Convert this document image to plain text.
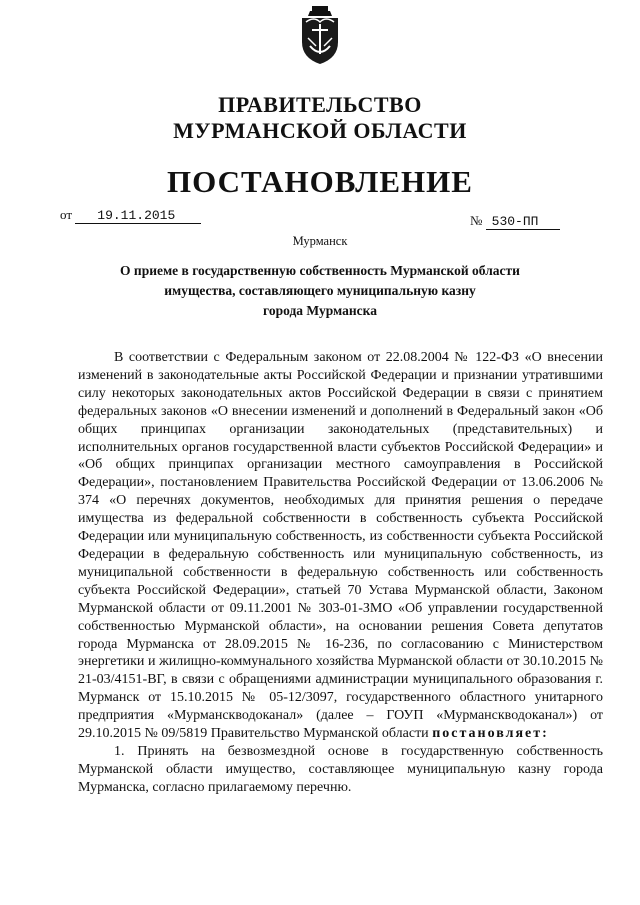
ПРАВИТЕЛЬСТВО
МУРМАНСКОЙ ОБЛАСТИ
ПОСТАНОВЛЕНИЕ
от 19.11.2015	№ 530-ПП
Мурманск
О приеме в государственную собственность Мурманской области
имущества, составляющего муниципальную казну
города Мурманска

В соответствии с Федеральным законом от 22.08.2004 № 122-ФЗ «О внесении изменений в законодательные акты Российской Федерации и признании утратившими силу некоторых законодательных актов Российской Федерации в связи с принятием федеральных законов «О внесении изменений и дополнений в Федеральный закон «Об общих принципах организации законодательных (представительных) и исполнительных органов государственной власти субъектов Российской Федерации» и «Об общих принципах организации местного самоуправления в Российской Федерации», постановлением Правительства Российской Федерации от 13.06.2006 № 374 «О перечнях документов, необходимых для принятия решения о передаче имущества из федеральной собственности в собственность субъекта Российской Федерации или муниципальную собственность, из собственности субъекта Российской Федерации в федеральную собственность или муниципальную собственность, из муниципальной собственности в федеральную собственность или собственность субъекта Российской Федерации», статьей 70 Устава Мурманской области, Законом Мурманской области от 09.11.2001 № 303-01-ЗМО «Об управлении государственной собственностью Мурманской области», на основании решения Совета депутатов города Мурманска от 28.09.2015 № 16-236, по согласованию с Министерством энергетики и жилищно-коммунального хозяйства Мурманской области от 30.10.2015 № 21-03/4151-ВГ, в связи с обращениями администрации муниципального образования г. Мурманск от 15.10.2015 № 05-12/3097, государственного областного унитарного предприятия «Мурманскводоканал» (далее – ГОУП «Мурманскводоканал») от 29.10.2015 № 09/5819 Правительство Мурманской области постановляет:

1. Принять на безвозмездной основе в государственную собственность Мурманской области имущество, составляющее муниципальную казну города Мурманска, согласно прилагаемому перечню.
